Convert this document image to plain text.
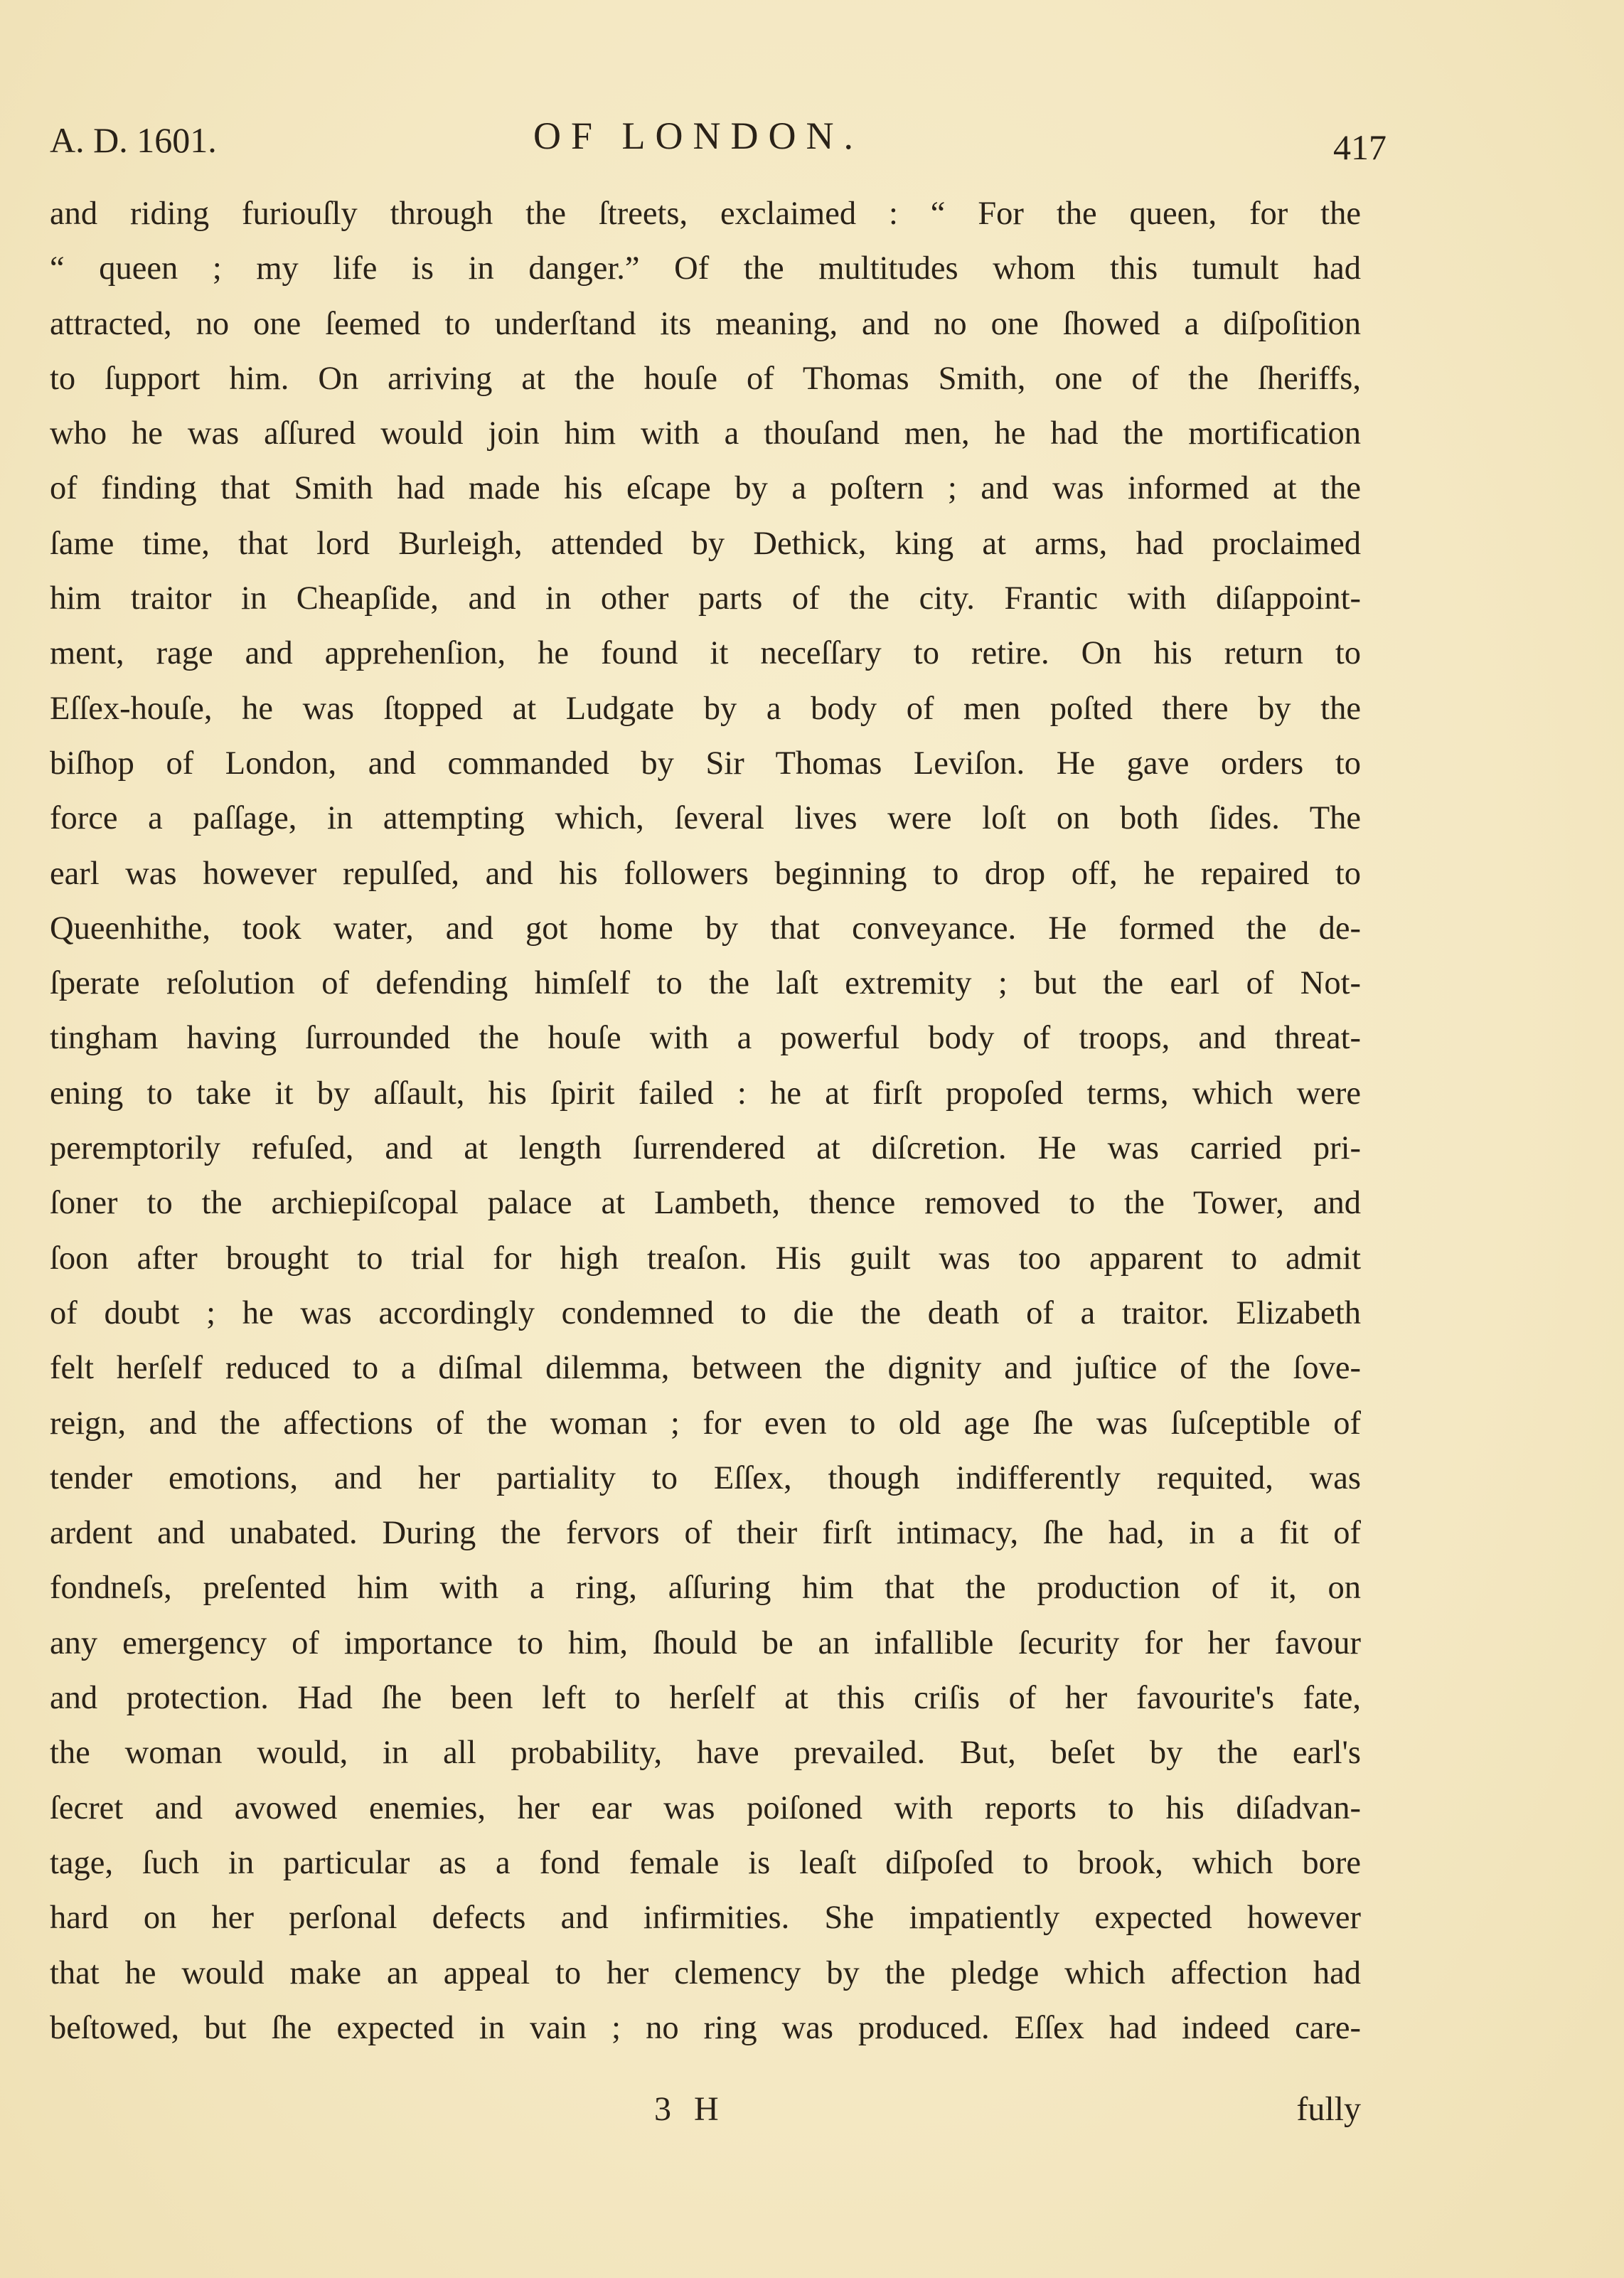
A. D. 1601.	OF LONDON.	417
and riding furiouſly through the ſtreets, exclaimed : “ For the queen, for the
“ queen ; my life is in danger.” Of the multitudes whom this tumult had
attracted, no one ſeemed to underſtand its meaning, and no one ſhowed a diſpoſition
to ſupport him. On arriving at the houſe of Thomas Smith, one of the ſheriffs,
who he was aſſured would join him with a thouſand men, he had the mortification
of finding that Smith had made his eſcape by a poſtern ; and was informed at the
ſame time, that lord Burleigh, attended by Dethick, king at arms, had proclaimed
him traitor in Cheapſide, and in other parts of the city. Frantic with diſappoint-
ment, rage and apprehenſion, he found it neceſſary to retire. On his return to
Eſſex-houſe, he was ſtopped at Ludgate by a body of men poſted there by the
biſhop of London, and commanded by Sir Thomas Leviſon. He gave orders to
force a paſſage, in attempting which, ſeveral lives were loſt on both ſides. The
earl was however repulſed, and his followers beginning to drop off, he repaired to
Queenhithe, took water, and got home by that conveyance. He formed the de-
ſperate reſolution of defending himſelf to the laſt extremity ; but the earl of Not-
tingham having ſurrounded the houſe with a powerful body of troops, and threat-
ening to take it by aſſault, his ſpirit failed : he at firſt propoſed terms, which were
peremptorily refuſed, and at length ſurrendered at diſcretion. He was carried pri-
ſoner to the archiepiſcopal palace at Lambeth, thence removed to the Tower, and
ſoon after brought to trial for high treaſon. His guilt was too apparent to admit
of doubt ; he was accordingly condemned to die the death of a traitor. Elizabeth
felt herſelf reduced to a diſmal dilemma, between the dignity and juſtice of the ſove-
reign, and the affections of the woman ; for even to old age ſhe was ſuſceptible of
tender emotions, and her partiality to Eſſex, though indifferently requited, was
ardent and unabated. During the fervors of their firſt intimacy, ſhe had, in a fit of
fondneſs, preſented him with a ring, aſſuring him that the production of it, on
any emergency of importance to him, ſhould be an infallible ſecurity for her favour
and protection. Had ſhe been left to herſelf at this criſis of her favourite's fate,
the woman would, in all probability, have prevailed. But, beſet by the earl's
ſecret and avowed enemies, her ear was poiſoned with reports to his diſadvan-
tage, ſuch in particular as a fond female is leaſt diſpoſed to brook, which bore
hard on her perſonal defects and infirmities. She impatiently expected however
that he would make an appeal to her clemency by the pledge which affection had
beſtowed, but ſhe expected in vain ; no ring was produced. Eſſex had indeed care-
3 H	fully
